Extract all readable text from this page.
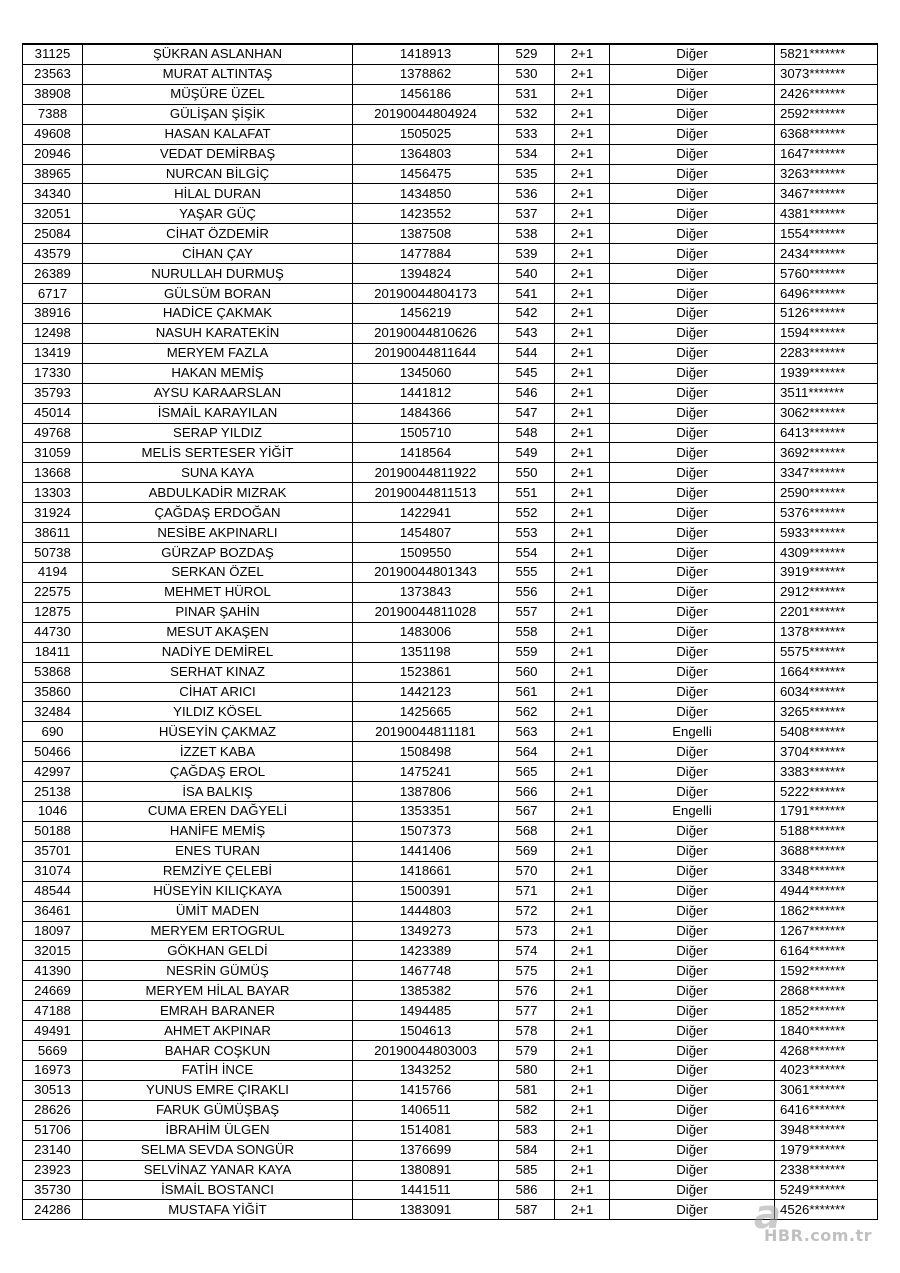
31125	ŞÜKRAN ASLANHAN	1418913	529	2+1	Diğer	5821*******
23563	MURAT ALTINTAŞ	1378862	530	2+1	Diğer	3073*******
38908	MÜŞÜRE ÜZEL	1456186	531	2+1	Diğer	2426*******
7388	GÜLİŞAN ŞİŞİK	20190044804924	532	2+1	Diğer	2592*******
49608	HASAN KALAFAT	1505025	533	2+1	Diğer	6368*******
20946	VEDAT DEMİRBAŞ	1364803	534	2+1	Diğer	1647*******
38965	NURCAN BİLGİÇ	1456475	535	2+1	Diğer	3263*******
34340	HİLAL DURAN	1434850	536	2+1	Diğer	3467*******
32051	YAŞAR GÜÇ	1423552	537	2+1	Diğer	4381*******
25084	CİHAT ÖZDEMİR	1387508	538	2+1	Diğer	1554*******
43579	CİHAN ÇAY	1477884	539	2+1	Diğer	2434*******
26389	NURULLAH DURMUŞ	1394824	540	2+1	Diğer	5760*******
6717	GÜLSÜM BORAN	20190044804173	541	2+1	Diğer	6496*******
38916	HADİCE ÇAKMAK	1456219	542	2+1	Diğer	5126*******
12498	NASUH KARATEKİN	20190044810626	543	2+1	Diğer	1594*******
13419	MERYEM FAZLA	20190044811644	544	2+1	Diğer	2283*******
17330	HAKAN MEMİŞ	1345060	545	2+1	Diğer	1939*******
35793	AYSU KARAARSLAN	1441812	546	2+1	Diğer	3511*******
45014	İSMAİL KARAYILAN	1484366	547	2+1	Diğer	3062*******
49768	SERAP YILDIZ	1505710	548	2+1	Diğer	6413*******
31059	MELİS SERTESER YİĞİT	1418564	549	2+1	Diğer	3692*******
13668	SUNA KAYA	20190044811922	550	2+1	Diğer	3347*******
13303	ABDULKADİR MIZRAK	20190044811513	551	2+1	Diğer	2590*******
31924	ÇAĞDAŞ ERDOĞAN	1422941	552	2+1	Diğer	5376*******
38611	NESİBE AKPINARLI	1454807	553	2+1	Diğer	5933*******
50738	GÜRZAP BOZDAŞ	1509550	554	2+1	Diğer	4309*******
4194	SERKAN ÖZEL	20190044801343	555	2+1	Diğer	3919*******
22575	MEHMET HÜROL	1373843	556	2+1	Diğer	2912*******
12875	PINAR ŞAHİN	20190044811028	557	2+1	Diğer	2201*******
44730	MESUT AKAŞEN	1483006	558	2+1	Diğer	1378*******
18411	NADİYE DEMİREL	1351198	559	2+1	Diğer	5575*******
53868	SERHAT KINAZ	1523861	560	2+1	Diğer	1664*******
35860	CİHAT ARICI	1442123	561	2+1	Diğer	6034*******
32484	YILDIZ KÖSEL	1425665	562	2+1	Diğer	3265*******
690	HÜSEYİN ÇAKMAZ	20190044811181	563	2+1	Engelli	5408*******
50466	İZZET KABA	1508498	564	2+1	Diğer	3704*******
42997	ÇAĞDAŞ EROL	1475241	565	2+1	Diğer	3383*******
25138	İSA BALKIŞ	1387806	566	2+1	Diğer	5222*******
1046	CUMA EREN DAĞYELİ	1353351	567	2+1	Engelli	1791*******
50188	HANİFE MEMİŞ	1507373	568	2+1	Diğer	5188*******
35701	ENES TURAN	1441406	569	2+1	Diğer	3688*******
31074	REMZİYE ÇELEBİ	1418661	570	2+1	Diğer	3348*******
48544	HÜSEYİN KILIÇKAYA	1500391	571	2+1	Diğer	4944*******
36461	ÜMİT MADEN	1444803	572	2+1	Diğer	1862*******
18097	MERYEM ERTOGRUL	1349273	573	2+1	Diğer	1267*******
32015	GÖKHAN GELDİ	1423389	574	2+1	Diğer	6164*******
41390	NESRİN GÜMÜŞ	1467748	575	2+1	Diğer	1592*******
24669	MERYEM HİLAL BAYAR	1385382	576	2+1	Diğer	2868*******
47188	EMRAH BARANER	1494485	577	2+1	Diğer	1852*******
49491	AHMET AKPINAR	1504613	578	2+1	Diğer	1840*******
5669	BAHAR COŞKUN	20190044803003	579	2+1	Diğer	4268*******
16973	FATİH İNCE	1343252	580	2+1	Diğer	4023*******
30513	YUNUS EMRE ÇIRAKLI	1415766	581	2+1	Diğer	3061*******
28626	FARUK GÜMÜŞBAŞ	1406511	582	2+1	Diğer	6416*******
51706	İBRAHİM ÜLGEN	1514081	583	2+1	Diğer	3948*******
23140	SELMA SEVDA SONGÜR	1376699	584	2+1	Diğer	1979*******
23923	SELVİNAZ YANAR KAYA	1380891	585	2+1	Diğer	2338*******
35730	İSMAİL BOSTANCI	1441511	586	2+1	Diğer	5249*******
24286	MUSTAFA YİĞİT	1383091	587	2+1	Diğer	4526*******
a
HBR.com.tr
